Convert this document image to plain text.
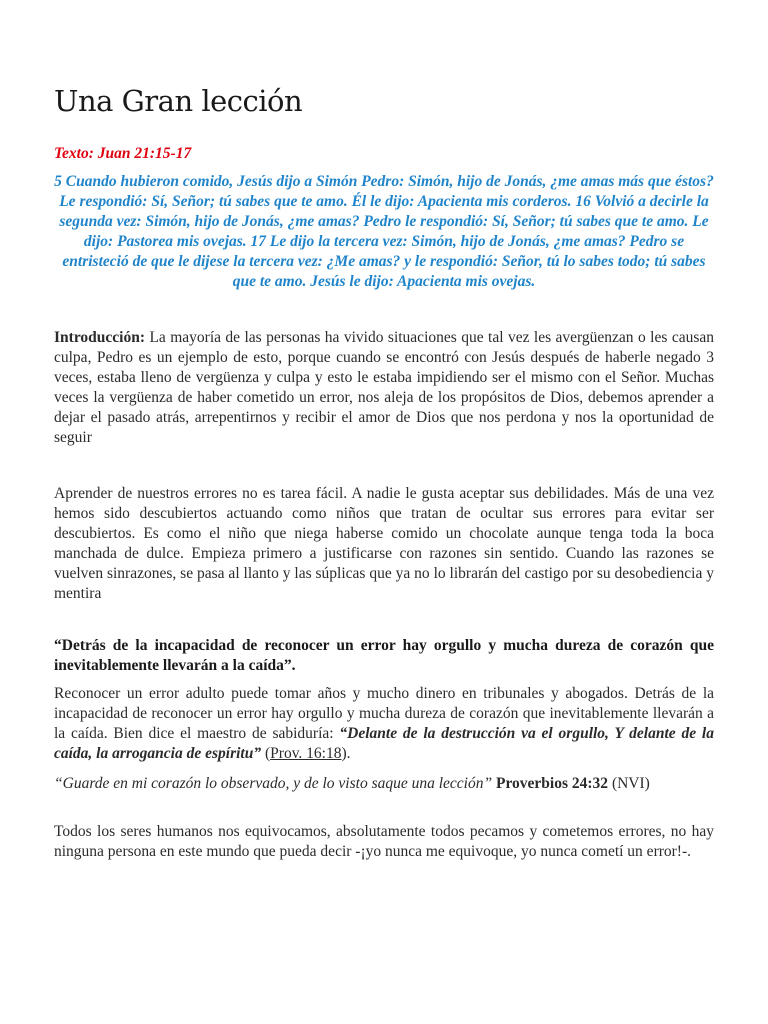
Una Gran lección
Texto: Juan 21:15-17
5 Cuando hubieron comido, Jesús dijo a Simón Pedro: Simón, hijo de Jonás, ¿me amas más que éstos? Le respondió: Sí, Señor; tú sabes que te amo. Él le dijo: Apacienta mis corderos. 16 Volvió a decirle la segunda vez: Simón, hijo de Jonás, ¿me amas? Pedro le respondió: Sí, Señor; tú sabes que te amo. Le dijo: Pastorea mis ovejas. 17 Le dijo la tercera vez: Simón, hijo de Jonás, ¿me amas? Pedro se entristeció de que le dijese la tercera vez: ¿Me amas? y le respondió: Señor, tú lo sabes todo; tú sabes que te amo. Jesús le dijo: Apacienta mis ovejas.
Introducción: La mayoría de las personas ha vivido situaciones que tal vez les avergüenzan o les causan culpa, Pedro es un ejemplo de esto, porque cuando se encontró con Jesús después de haberle negado 3 veces, estaba lleno de vergüenza y culpa y esto le estaba impidiendo ser el mismo con el Señor. Muchas veces la vergüenza de haber cometido un error, nos aleja de los propósitos de Dios, debemos aprender a dejar el pasado atrás, arrepentirnos y recibir el amor de Dios que nos perdona y nos la oportunidad de seguir
Aprender de nuestros errores no es tarea fácil. A nadie le gusta aceptar sus debilidades. Más de una vez hemos sido descubiertos actuando como niños que tratan de ocultar sus errores para evitar ser descubiertos. Es como el niño que niega haberse comido un chocolate aunque tenga toda la boca manchada de dulce. Empieza primero a justificarse con razones sin sentido. Cuando las razones se vuelven sinrazones, se pasa al llanto y las súplicas que ya no lo librarán del castigo por su desobediencia y mentira
“Detrás de la incapacidad de reconocer un error hay orgullo y mucha dureza de corazón que inevitablemente llevarán a la caída”.
Reconocer un error adulto puede tomar años y mucho dinero en tribunales y abogados. Detrás de la incapacidad de reconocer un error hay orgullo y mucha dureza de corazón que inevitablemente llevarán a la caída. Bien dice el maestro de sabiduría: “Delante de la destrucción va el orgullo, Y delante de la caída, la arrogancia de espíritu” (Prov. 16:18).
“Guarde en mi corazón lo observado, y de lo visto saque una lección” Proverbios 24:32 (NVI)
Todos los seres humanos nos equivocamos, absolutamente todos pecamos y cometemos errores, no hay ninguna persona en este mundo que pueda decir -¡yo nunca me equivoque, yo nunca cometí un error!-.
